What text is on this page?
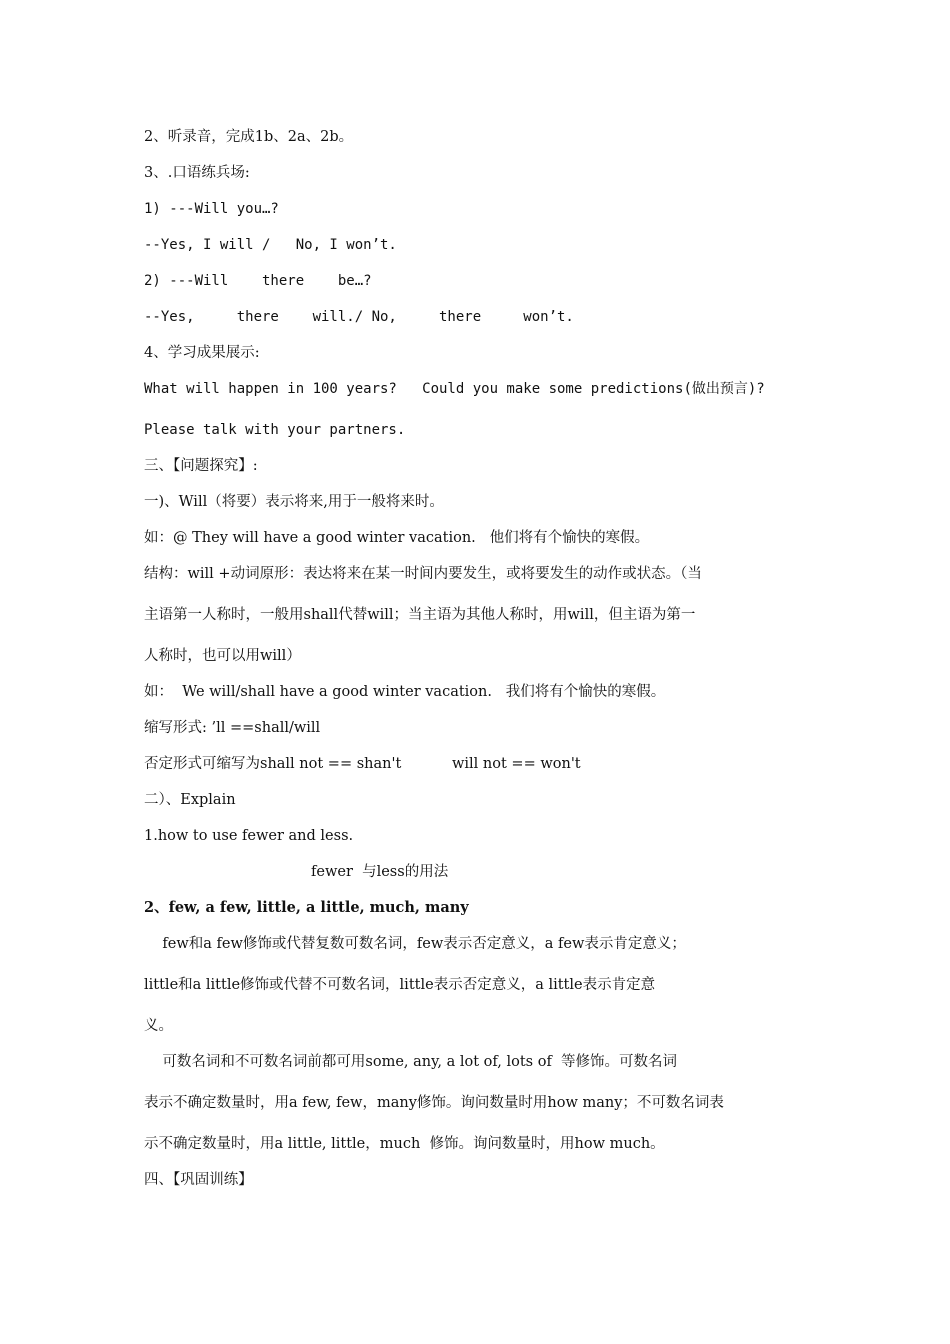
2、听录音，完成1b、2a、2b。
3、.口语练兵场:
1) ---Will you…?
--Yes, I will /   No, I won’t.
2) ---Will    there    be…?
--Yes,     there    will./ No,     there     won’t.
4、学习成果展示:
What will happen in 100 years?   Could you make some predictions(做出预言)?
Please talk with your partners.
三、【问题探究】:
一)、Will（将要）表示将来,用于一般将来时。
如：@ They will have a good winter vacation.   他们将有个愉快的寒假。
结构：will +动词原形：表达将来在某一时间内要发生，或将要发生的动作或状态。（当
主语第一人称时，一般用shall代替will；当主语为其他人称时，用will，但主语为第一
人称时，也可以用will）
如：  We will/shall have a good winter vacation.   我们将有个愉快的寒假。
缩写形式: ’ll ==shall/will
否定形式可缩写为shall not == shan't           will not == won't
二）、Explain
1.how to use fewer and less.
fewer  与less的用法
2、few, a few, little, a little, much, many
few和a few修饰或代替复数可数名词，few表示否定意义，a few表示肯定意义；
little和a little修饰或代替不可数名词，little表示否定意义，a little表示肯定意
义。
可数名词和不可数名词前都可用some, any, a lot of, lots of  等修饰。可数名词
表示不确定数量时，用a few, few，many修饰。询问数量时用how many；不可数名词表
示不确定数量时，用a little, little，much  修饰。询问数量时，用how much。
四、【巩固训练】
